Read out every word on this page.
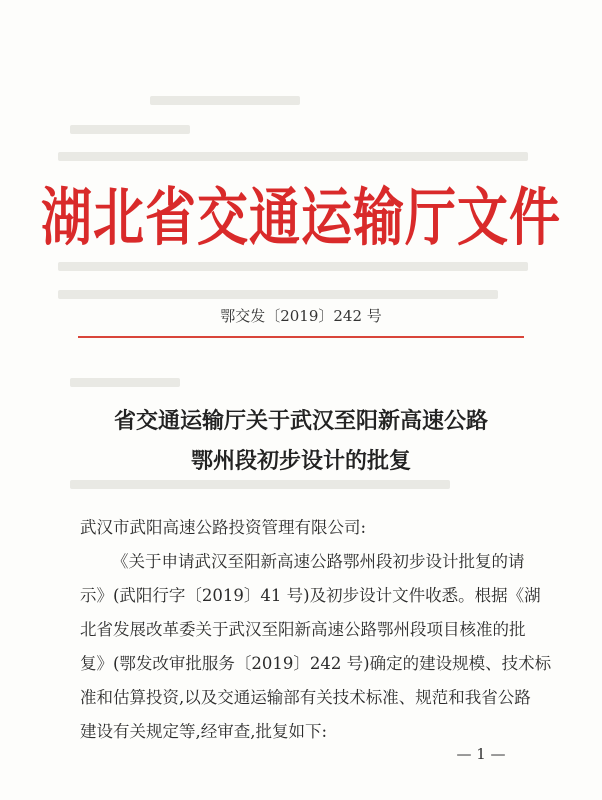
湖北省交通运输厅文件
鄂交发〔2019〕242 号
省交通运输厅关于武汉至阳新高速公路
鄂州段初步设计的批复
武汉市武阳高速公路投资管理有限公司:
《关于申请武汉至阳新高速公路鄂州段初步设计批复的请
示》(武阳行字〔2019〕41 号)及初步设计文件收悉。根据《湖
北省发展改革委关于武汉至阳新高速公路鄂州段项目核准的批
复》(鄂发改审批服务〔2019〕242 号)确定的建设规模、技术标
准和估算投资,以及交通运输部有关技术标准、规范和我省公路
建设有关规定等,经审查,批复如下:
— 1 —
